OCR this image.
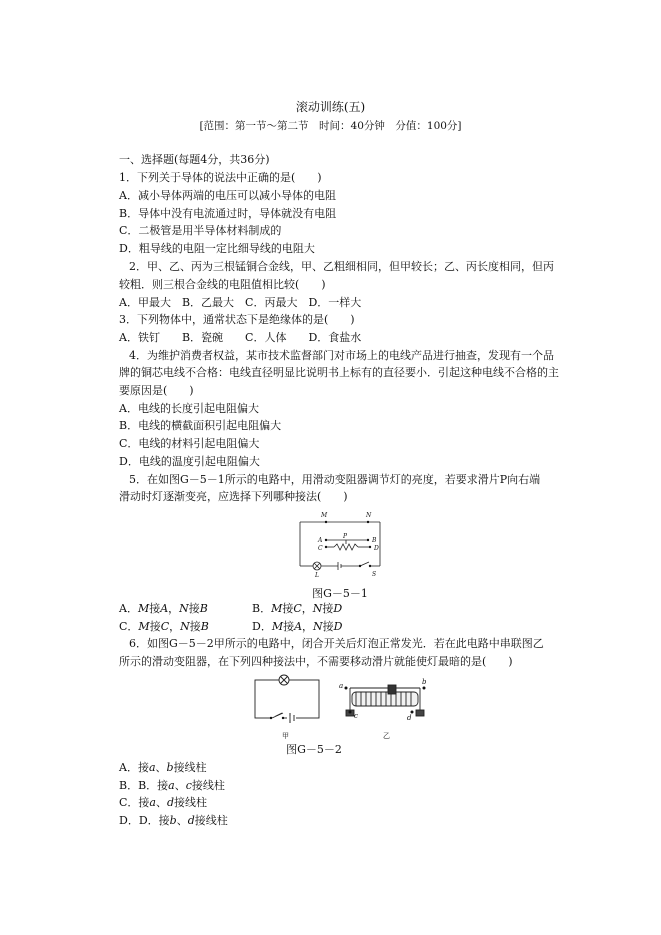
滚动训练(五)
[范围：第一节～第二节　时间：40分钟　分值：100分]
一、选择题(每题4分，共36分)
1．下列关于导体的说法中正确的是(　　)
A．减小导体两端的电压可以减小导体的电阻
B．导体中没有电流通过时，导体就没有电阻
C．二极管是用半导体材料制成的
D．粗导线的电阻一定比细导线的电阻大
2．甲、乙、丙为三根锰铜合金线，甲、乙粗细相同，但甲较长；乙、丙长度相同，但丙
较粗．则三根合金线的电阻值相比较(　　)
A．甲最大　B．乙最大　C．丙最大　D．一样大
3．下列物体中，通常状态下是绝缘体的是(　　)
A．铁钉　　B．瓷碗　　C．人体　　D．食盐水
4．为维护消费者权益，某市技术监督部门对市场上的电线产品进行抽查，发现有一个品
牌的铜芯电线不合格：电线直径明显比说明书上标有的直径要小．引起这种电线不合格的主
要原因是(　　)
A．电线的长度引起电阻偏大
B．电线的横截面积引起电阻偏大
C．电线的材料引起电阻偏大
D．电线的温度引起电阻偏大
5．在如图G－5－1所示的电路中，用滑动变阻器调节灯的亮度，若要求滑片P向右端
滑动时灯逐渐变亮，应选择下列哪种接法(　　)
M	N
A	B
C	D
P
L	S
图G－5－1
A．M接A，N接B	B．M接C，N接D
C．M接C，N接B	D．M接A，N接D
6．如图G－5－2甲所示的电路中，闭合开关后灯泡正常发光．若在此电路中串联图乙
所示的滑动变阻器，在下列四种接法中，不需要移动滑片就能使灯最暗的是(　　)
甲
a	b
c	d
乙
图G－5－2
A．接a、b接线柱
B．B．接a、c接线柱
C．接a、d接线柱
D．D．接b、d接线柱
